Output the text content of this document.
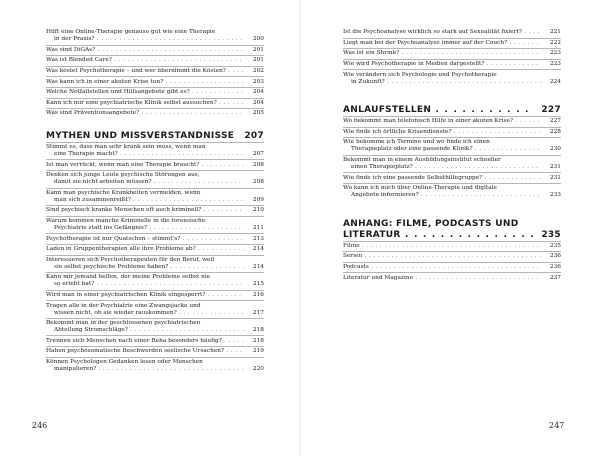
Hilft eine Online-Therapie genauso gut wie eine Therapie
in der Praxis? . . .	200
Was sind DiGAs? . . .	201
Was ist Blended Care? . . .	201
Was kostet Psychotherapie – und wer übernimmt die Kosten? . . .	202
Was kann ich in einer akuten Krise tun? . . .	203
Welche Notfallstellen und Hilfsangebote gibt es? . . .	204
Kann ich mir eine psychiatrische Klinik selbst aussuchen? . . .	204
Was sind Präventionsangebote? . . .	205
MYTHEN UND MISSVERSTÄNDNISSE . . . 207
Stimmt es, dass man sehr krank sein muss, wenn man
eine Therapie macht? . . .	207
Ist man verrückt, wenn man eine Therapie braucht? . . .	208
Denken sich junge Leute psychische Störungen aus,
damit sie nicht arbeiten müssen? . . .	208
Kann man psychische Krankheiten vermeiden, wenn
man sich zusammenreißt? . . .	209
Sind psychisch kranke Menschen oft auch kriminell? . . .	210
Warum kommen manche Kriminelle in die forensische
Psychiatrie statt ins Gefängnis? . . .	211
Psychotherapie ist nur Quatschen – stimmt’s? . . .	213
Laden in Gruppentherapien alle ihre Probleme ab? . . .	214
Interessieren sich Psychotherapeuten für den Beruf, weil
sie selbst psychische Probleme haben? . . .	214
Kann mir jemand helfen, der meine Probleme selbst nie
so erlebt hat? . . .	215
Wird man in einer psychiatrischen Klinik eingesperrt? . . .	216
Tragen alle in der Psychiatrie eine Zwangsjacke und
wissen nicht, ob sie wieder rauskommen? . . .	217
Bekommt man in der geschlossenen psychiatrischen
Abteilung Stromschläge? . . .	218
Trennen sich Menschen nach einer Reha besonders häufig? . . .	218
Haben psychosomatische Beschwerden seelische Ursachen? . . .	219
Können Psychologen Gedanken lesen oder Menschen
manipulieren? . . .	220
Ist die Psychoanalyse wirklich so stark auf Sexualität fixiert? . . .	221
Liegt man bei der Psychoanalyse immer auf der Couch? . . .	222
Was ist ein Shrink? . . .	223
Wie wird Psychotherapie in Medien dargestellt? . . .	223
Wie verändern sich Psychologie und Psychotherapie
in Zukunft? . . .	224
ANLAUFSTELLEN . . .	227
Wo bekommt man telefonisch Hilfe in einer akuten Krise? . . .	227
Wie finde ich örtliche Krisendienste? . . .	228
Wie bekomme ich Termine und wo finde ich einen
Therapieplatz oder eine passende Klinik? . . .	230
Bekommt man in einem Ausbildungsinstitut schneller
einen Therapieplatz? . . .	231
Wie finde ich eine passende Selbsthilfegruppe? . . .	231
Wo kann ich mich über Online-Therapie und digitale
Angebote informieren? . . .	233
ANHANG: FILME, PODCASTS UND
LITERATUR . . .	235
Filme . . .	235
Serien . . .	236
Podcasts . . .	236
Literatur und Magazine . . .	237
246	247
